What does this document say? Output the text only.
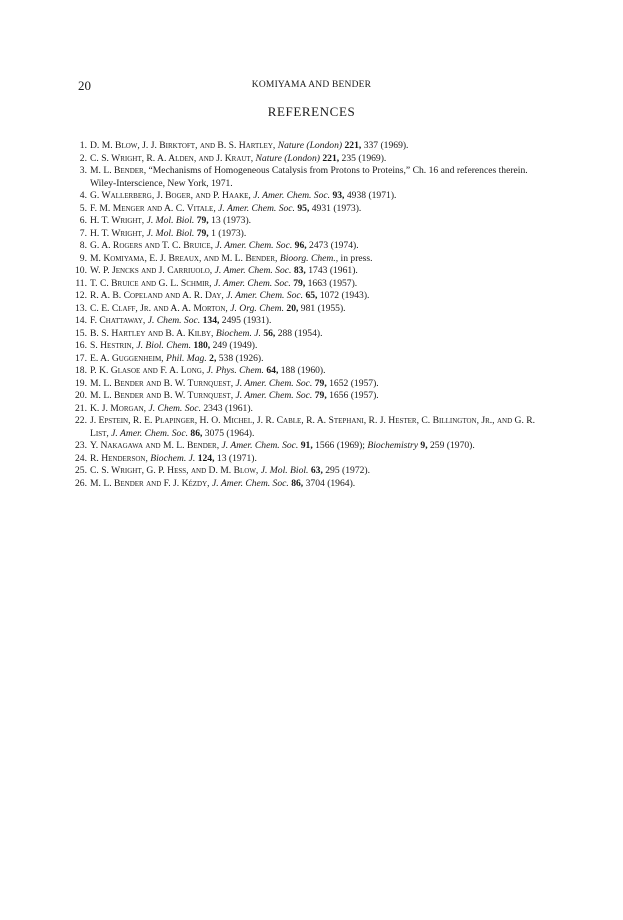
20	KOMIYAMA AND BENDER
REFERENCES
1. D. M. Blow, J. J. Birktoft, and B. S. Hartley, Nature (London) 221, 337 (1969).
2. C. S. Wright, R. A. Alden, and J. Kraut, Nature (London) 221, 235 (1969).
3. M. L. Bender, “Mechanisms of Homogeneous Catalysis from Protons to Proteins,” Ch. 16 and references therein. Wiley-Interscience, New York, 1971.
4. G. Wallerberg, J. Boger, and P. Haake, J. Amer. Chem. Soc. 93, 4938 (1971).
5. F. M. Menger and A. C. Vitale, J. Amer. Chem. Soc. 95, 4931 (1973).
6. H. T. Wright, J. Mol. Biol. 79, 13 (1973).
7. H. T. Wright, J. Mol. Biol. 79, 1 (1973).
8. G. A. Rogers and T. C. Bruice, J. Amer. Chem. Soc. 96, 2473 (1974).
9. M. Komiyama, E. J. Breaux, and M. L. Bender, Bioorg. Chem., in press.
10. W. P. Jencks and J. Carriuolo, J. Amer. Chem. Soc. 83, 1743 (1961).
11. T. C. Bruice and G. L. Schmir, J. Amer. Chem. Soc. 79, 1663 (1957).
12. R. A. B. Copeland and A. R. Day, J. Amer. Chem. Soc. 65, 1072 (1943).
13. C. E. Claff, Jr. and A. A. Morton, J. Org. Chem. 20, 981 (1955).
14. F. Chattaway, J. Chem. Soc. 134, 2495 (1931).
15. B. S. Hartley and B. A. Kilby, Biochem. J. 56, 288 (1954).
16. S. Hestrin, J. Biol. Chem. 180, 249 (1949).
17. E. A. Guggenheim, Phil. Mag. 2, 538 (1926).
18. P. K. Glasoe and F. A. Long, J. Phys. Chem. 64, 188 (1960).
19. M. L. Bender and B. W. Turnquest, J. Amer. Chem. Soc. 79, 1652 (1957).
20. M. L. Bender and B. W. Turnquest, J. Amer. Chem. Soc. 79, 1656 (1957).
21. K. J. Morgan, J. Chem. Soc. 2343 (1961).
22. J. Epstein, R. E. Plapinger, H. O. Michel, J. R. Cable, R. A. Stephani, R. J. Hester, C. Billington, Jr., and G. R. List, J. Amer. Chem. Soc. 86, 3075 (1964).
23. Y. Nakagawa and M. L. Bender, J. Amer. Chem. Soc. 91, 1566 (1969); Biochemistry 9, 259 (1970).
24. R. Henderson, Biochem. J. 124, 13 (1971).
25. C. S. Wright, G. P. Hess, and D. M. Blow, J. Mol. Biol. 63, 295 (1972).
26. M. L. Bender and F. J. Kézdy, J. Amer. Chem. Soc. 86, 3704 (1964).
